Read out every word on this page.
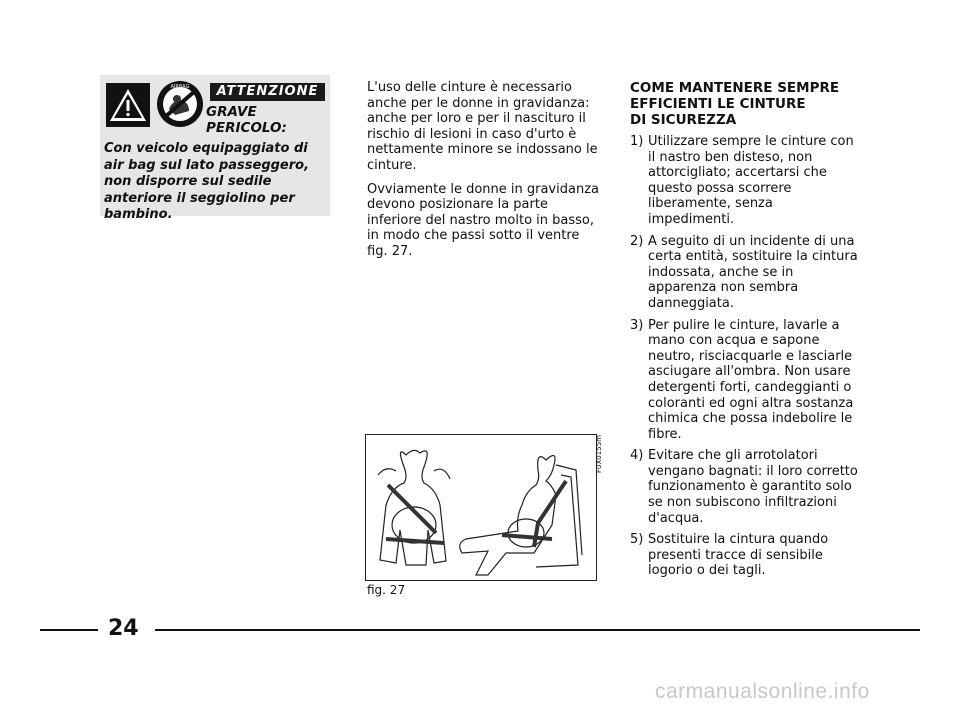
AIRBAG	ATTENZIONE
GRAVE
PERICOLO:
Con veicolo equipaggiato di air bag sul lato passeggero, non disporre sul sedile anteriore il seggiolino per bambino.

L'uso delle cinture è necessario anche per le donne in gravidanza: anche per loro e per il nascituro il rischio di lesioni in caso d'urto è nettamente minore se indossano le cinture.

Ovviamente le donne in gravidanza devono posizionare la parte inferiore del nastro molto in basso, in modo che passi sotto il ventre fig. 27.

COME MANTENERE SEMPRE
EFFICIENTI LE CINTURE
DI SICUREZZA
1) Utilizzare sempre le cinture con il nastro ben disteso, non attorcigliato; accertarsi che questo possa scorrere liberamente, senza impedimenti.
2) A seguito di un incidente di una certa entità, sostituire la cintura indossata, anche se in apparenza non sembra danneggiata.
3) Per pulire le cinture, lavarle a mano con acqua e sapone neutro, risciacquarle e lasciarle asciugare all'ombra. Non usare detergenti forti, candeggianti o coloranti ed ogni altra sostanza chimica che possa indebolire le fibre.
4) Evitare che gli arrotolatori vengano bagnati: il loro corretto funzionamento è garantito solo se non subiscono infiltrazioni d'acqua.
5) Sostituire la cintura quando presenti tracce di sensibile logorio o dei tagli.
F0X0155m
fig. 27
24
carmanualsonline.info
